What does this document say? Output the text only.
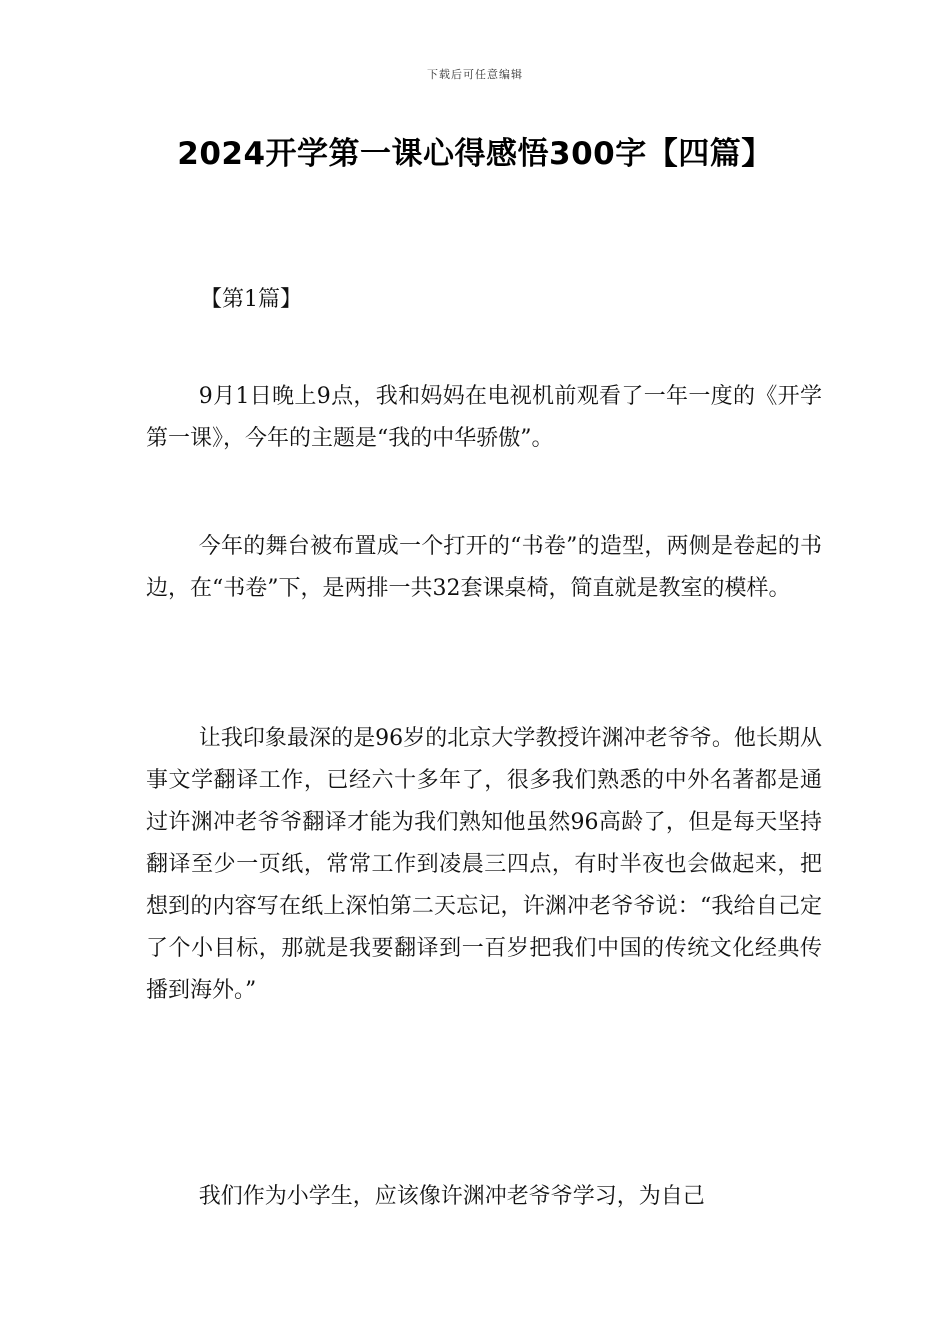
下载后可任意编辑
2024开学第一课心得感悟300字【四篇】
【第1篇】

9月1日晚上9点，我和妈妈在电视机前观看了一年一度的《开学第一课》，今年的主题是“我的中华骄傲”。

今年的舞台被布置成一个打开的“书卷”的造型，两侧是卷起的书边，在“书卷”下，是两排一共32套课桌椅，简直就是教室的模样。

让我印象最深的是96岁的北京大学教授许渊冲老爷爷。他长期从事文学翻译工作，已经六十多年了，很多我们熟悉的中外名著都是通过许渊冲老爷爷翻译才能为我们熟知他虽然96高龄了，但是每天坚持翻译至少一页纸，常常工作到凌晨三四点，有时半夜也会做起来，把想到的内容写在纸上深怕第二天忘记，许渊冲老爷爷说：“我给自己定了个小目标，那就是我要翻译到一百岁把我们中国的传统文化经典传播到海外。”

我们作为小学生，应该像许渊冲老爷爷学习，为自己
